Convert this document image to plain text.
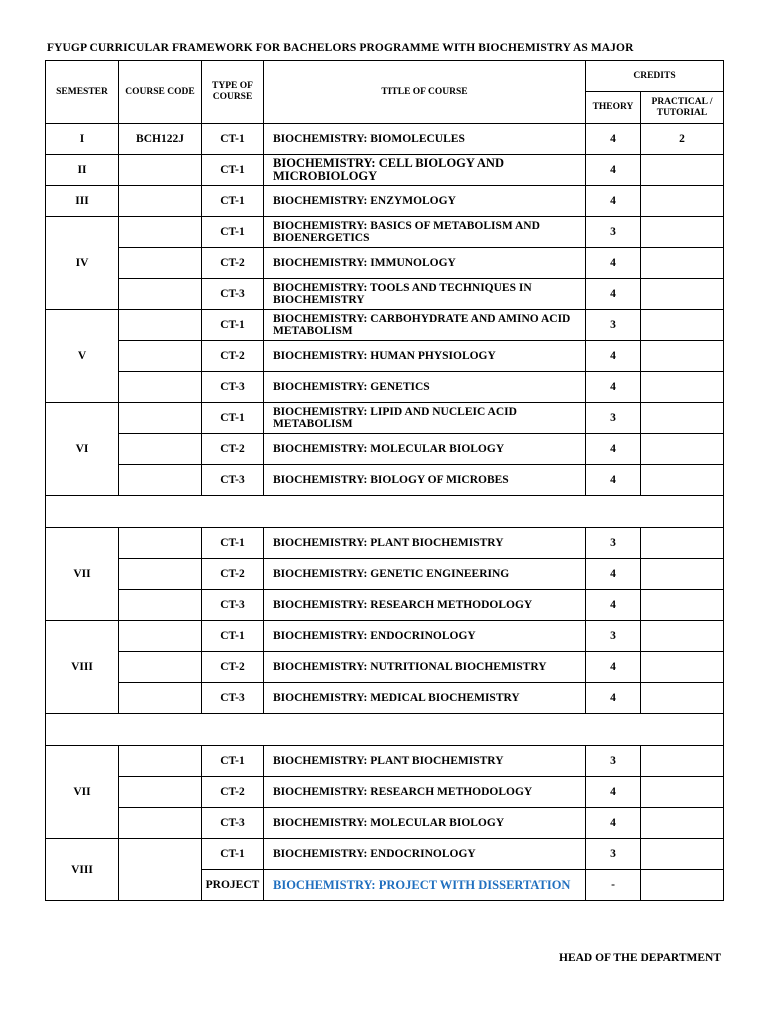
FYUGP CURRICULAR FRAMEWORK FOR BACHELORS PROGRAMME WITH BIOCHEMISTRY AS MAJOR
SEMESTER	COURSE CODE	TYPE OF COURSE	TITLE OF COURSE	CREDITS	
				THEORY	PRACTICAL / TUTORIAL
I	BCH122J	CT-1	BIOCHEMISTRY: BIOMOLECULES	4	2
II		CT-1	BIOCHEMISTRY: CELL BIOLOGY AND MICROBIOLOGY	4	
III		CT-1	BIOCHEMISTRY: ENZYMOLOGY	4	
IV		CT-1	BIOCHEMISTRY: BASICS OF METABOLISM AND BIOENERGETICS	3	
		CT-2	BIOCHEMISTRY: IMMUNOLOGY	4	
		CT-3	BIOCHEMISTRY: TOOLS AND TECHNIQUES IN BIOCHEMISTRY	4	
V		CT-1	BIOCHEMISTRY: CARBOHYDRATE AND AMINO ACID METABOLISM	3	
		CT-2	BIOCHEMISTRY: HUMAN PHYSIOLOGY	4	
		CT-3	BIOCHEMISTRY: GENETICS	4	
VI		CT-1	BIOCHEMISTRY: LIPID AND NUCLEIC ACID METABOLISM	3	
		CT-2	BIOCHEMISTRY: MOLECULAR BIOLOGY	4	
		CT-3	BIOCHEMISTRY: BIOLOGY OF MICROBES	4	

VII		CT-1	BIOCHEMISTRY: PLANT BIOCHEMISTRY	3	
		CT-2	BIOCHEMISTRY: GENETIC ENGINEERING	4	
		CT-3	BIOCHEMISTRY: RESEARCH METHODOLOGY	4	
VIII		CT-1	BIOCHEMISTRY: ENDOCRINOLOGY	3	
		CT-2	BIOCHEMISTRY: NUTRITIONAL BIOCHEMISTRY	4	
		CT-3	BIOCHEMISTRY: MEDICAL BIOCHEMISTRY	4	

VII		CT-1	BIOCHEMISTRY: PLANT BIOCHEMISTRY	3	
		CT-2	BIOCHEMISTRY: RESEARCH METHODOLOGY	4	
		CT-3	BIOCHEMISTRY: MOLECULAR BIOLOGY	4	
VIII		CT-1	BIOCHEMISTRY: ENDOCRINOLOGY	3	
		PROJECT	BIOCHEMISTRY: PROJECT WITH DISSERTATION	-	
HEAD OF THE DEPARTMENT
